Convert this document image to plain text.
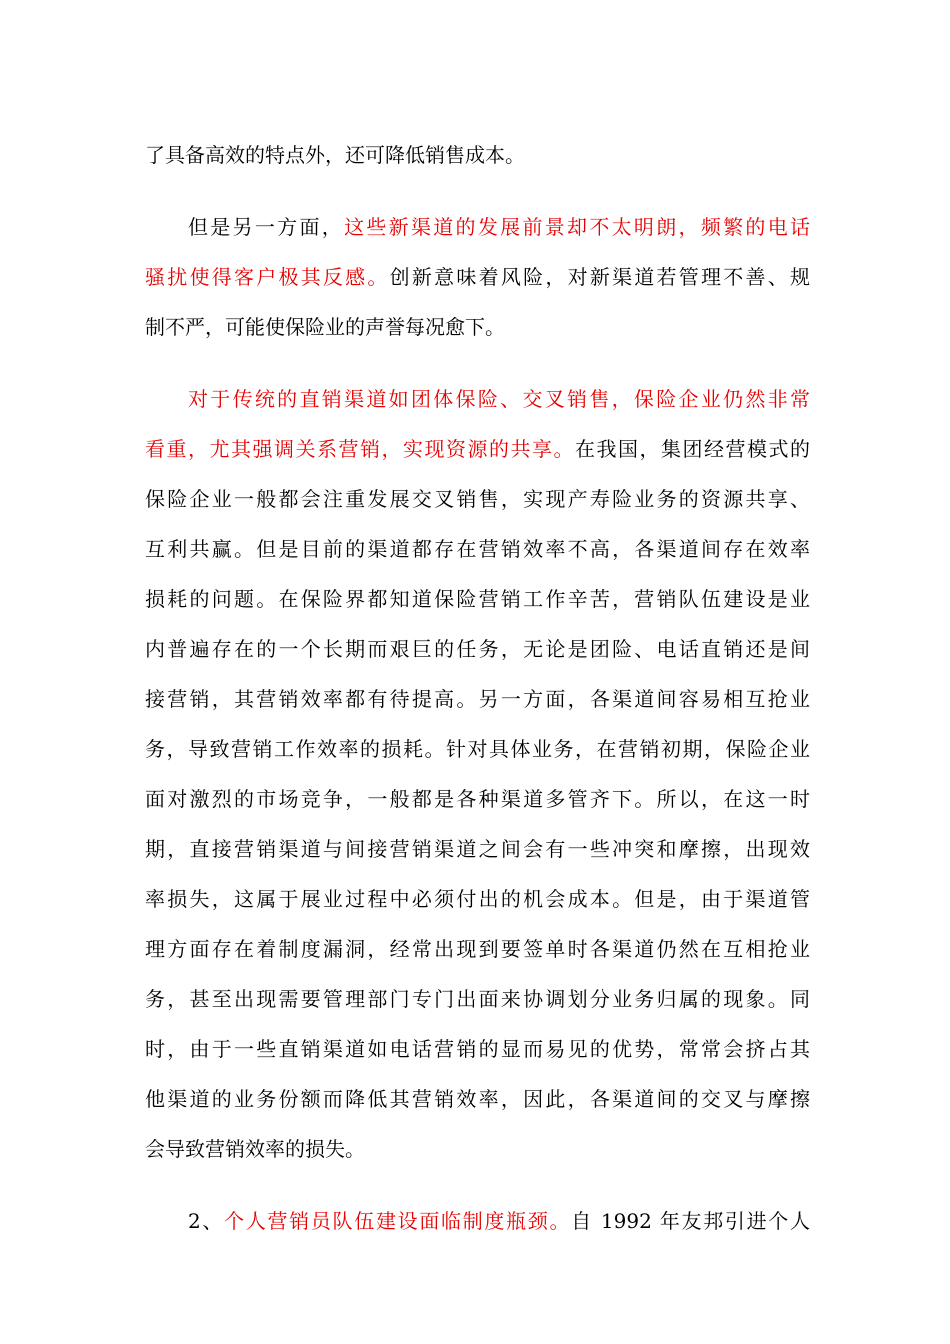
了具备高效的特点外，还可降低销售成本。
但是另一方面，这些新渠道的发展前景却不太明朗，频繁的电话
骚扰使得客户极其反感。创新意味着风险，对新渠道若管理不善、规
制不严，可能使保险业的声誉每况愈下。
对于传统的直销渠道如团体保险、交叉销售，保险企业仍然非常
看重，尤其强调关系营销，实现资源的共享。在我国，集团经营模式的
保险企业一般都会注重发展交叉销售，实现产寿险业务的资源共享、
互利共赢。但是目前的渠道都存在营销效率不高，各渠道间存在效率
损耗的问题。在保险界都知道保险营销工作辛苦，营销队伍建设是业
内普遍存在的一个长期而艰巨的任务，无论是团险、电话直销还是间
接营销，其营销效率都有待提高。另一方面，各渠道间容易相互抢业
务，导致营销工作效率的损耗。针对具体业务，在营销初期，保险企业
面对激烈的市场竞争，一般都是各种渠道多管齐下。所以，在这一时
期，直接营销渠道与间接营销渠道之间会有一些冲突和摩擦，出现效
率损失，这属于展业过程中必须付出的机会成本。但是，由于渠道管
理方面存在着制度漏洞，经常出现到要签单时各渠道仍然在互相抢业
务，甚至出现需要管理部门专门出面来协调划分业务归属的现象。同
时，由于一些直销渠道如电话营销的显而易见的优势，常常会挤占其
他渠道的业务份额而降低其营销效率，因此，各渠道间的交叉与摩擦
会导致营销效率的损失。
2、个人营销员队伍建设面临制度瓶颈。自 1992 年友邦引进个人
